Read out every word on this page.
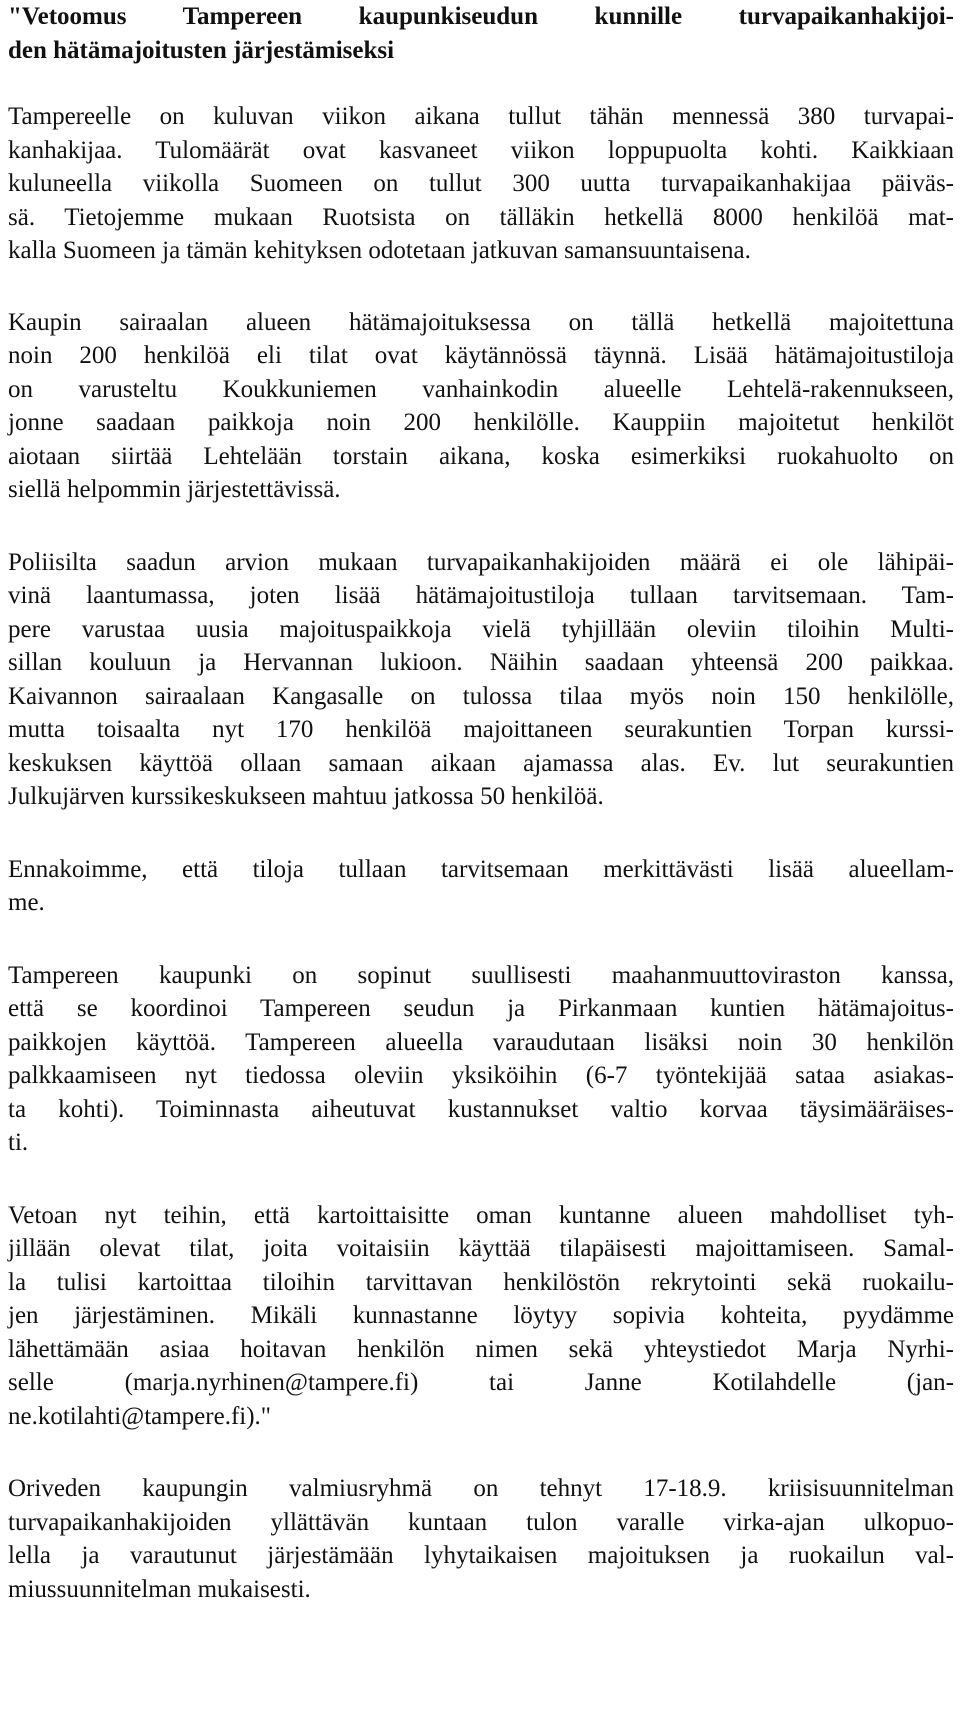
"Vetoomus Tampereen kaupunkiseudun kunnille turvapaikanhakijoi-
den hätämajoitusten järjestämiseksi
Tampereelle on kuluvan viikon aikana tullut tähän mennessä 380 turvapai-
kanhakijaa. Tulomäärät ovat kasvaneet viikon loppupuolta kohti. Kaikkiaan
kuluneella viikolla Suomeen on tullut 300 uutta turvapaikanhakijaa päiväs-
sä. Tietojemme mukaan Ruotsista on tälläkin hetkellä 8000 henkilöä mat-
kalla Suomeen ja tämän kehityksen odotetaan jatkuvan samansuuntaisena.
Kaupin sairaalan alueen hätämajoituksessa on tällä hetkellä majoitettuna
noin 200 henkilöä eli tilat ovat käytännössä täynnä. Lisää hätämajoitustiloja
on varusteltu Koukkuniemen vanhainkodin alueelle Lehtelä-rakennukseen,
jonne saadaan paikkoja noin 200 henkilölle. Kauppiin majoitetut henkilöt
aiotaan siirtää Lehtelään torstain aikana, koska esimerkiksi ruokahuolto on
siellä helpommin järjestettävissä.
Poliisilta saadun arvion mukaan turvapaikanhakijoiden määrä ei ole lähipäi-
vinä laantumassa, joten lisää hätämajoitustiloja tullaan tarvitsemaan. Tam-
pere varustaa uusia majoituspaikkoja vielä tyhjillään oleviin tiloihin Multi-
sillan kouluun ja Hervannan lukioon. Näihin saadaan yhteensä 200 paikkaa.
Kaivannon sairaalaan Kangasalle on tulossa tilaa myös noin 150 henkilölle,
mutta toisaalta nyt 170 henkilöä majoittaneen seurakuntien Torpan kurssi-
keskuksen käyttöä ollaan samaan aikaan ajamassa alas. Ev. lut seurakuntien
Julkujärven kurssikeskukseen mahtuu jatkossa 50 henkilöä.
Ennakoimme, että tiloja tullaan tarvitsemaan merkittävästi lisää alueellam-
me.
Tampereen kaupunki on sopinut suullisesti maahanmuuttoviraston kanssa,
että se koordinoi Tampereen seudun ja Pirkanmaan kuntien hätämajoitus-
paikkojen käyttöä. Tampereen alueella varaudutaan lisäksi noin 30 henkilön
palkkaamiseen nyt tiedossa oleviin yksiköihin (6-7 työntekijää sataa asiakas-
ta kohti). Toiminnasta aiheutuvat kustannukset valtio korvaa täysimääräises-
ti.
Vetoan nyt teihin, että kartoittaisitte oman kuntanne alueen mahdolliset tyh-
jillään olevat tilat, joita voitaisiin käyttää tilapäisesti majoittamiseen. Samal-
la tulisi kartoittaa tiloihin tarvittavan henkilöstön rekrytointi sekä ruokailu-
jen järjestäminen. Mikäli kunnastanne löytyy sopivia kohteita, pyydämme
lähettämään asiaa hoitavan henkilön nimen sekä yhteystiedot Marja Nyrhi-
selle (marja.nyrhinen@tampere.fi) tai Janne Kotilahdelle (jan-
ne.kotilahti@tampere.fi)."
Oriveden kaupungin valmiusryhmä on tehnyt 17-18.9. kriisisuunnitelman
turvapaikanhakijoiden yllättävän kuntaan tulon varalle virka-ajan ulkopuo-
lella ja varautunut järjestämään lyhytaikaisen majoituksen ja ruokailun val-
miussuunnitelman mukaisesti.
